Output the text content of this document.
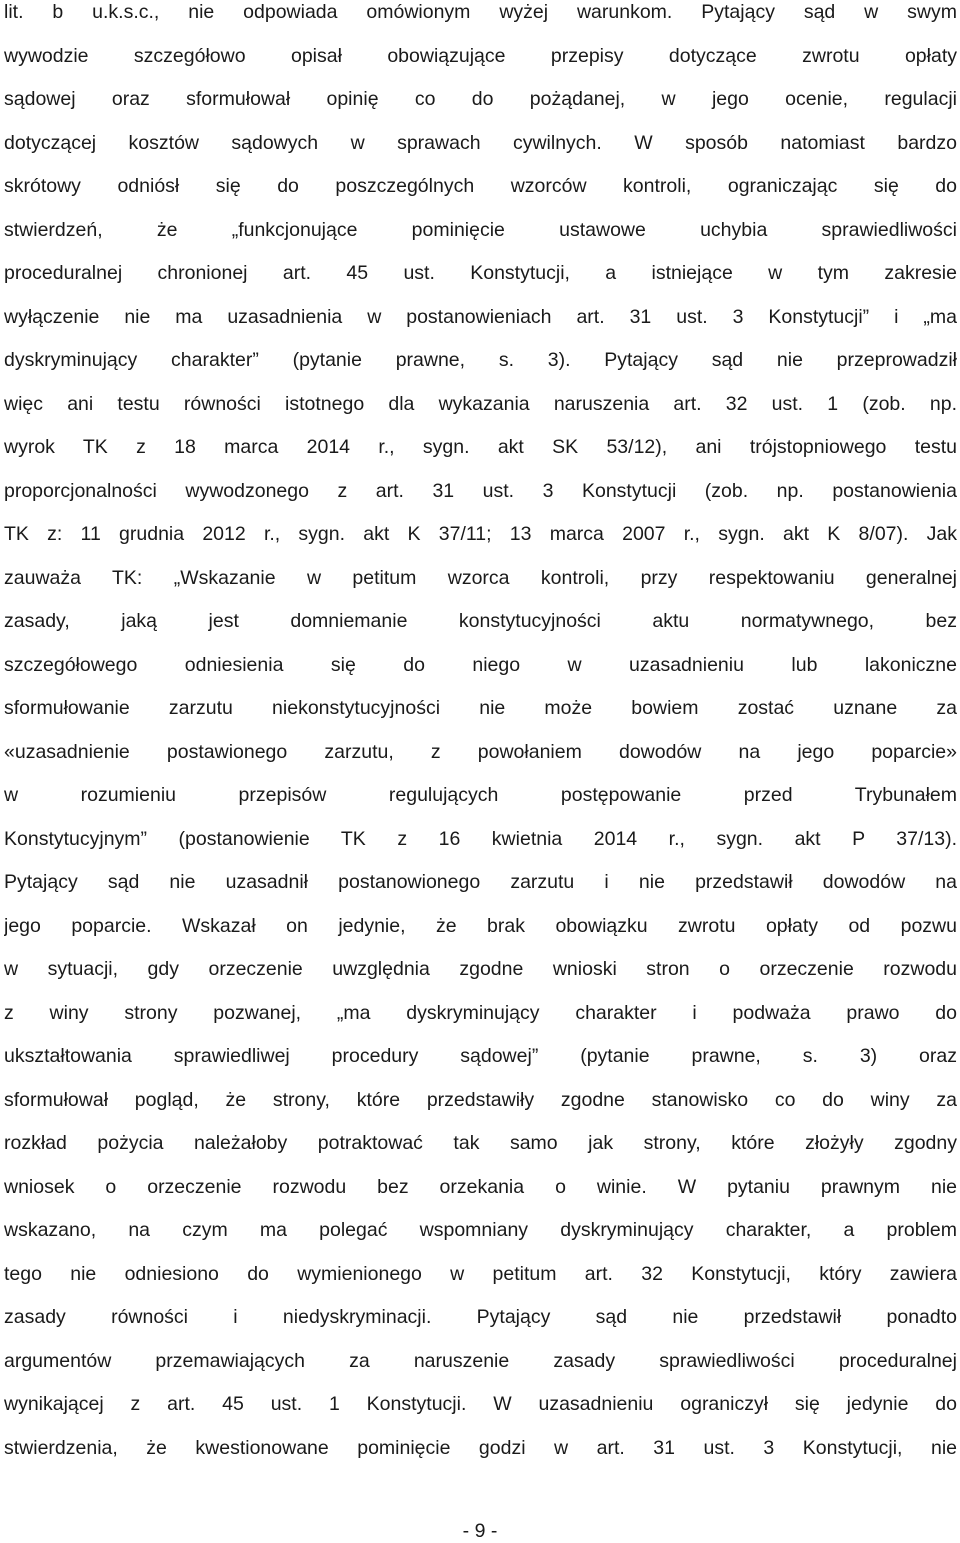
lit. b u.k.s.c., nie odpowiada omówionym wyżej warunkom. Pytający sąd w swym
wywodzie szczegółowo opisał obowiązujące przepisy dotyczące zwrotu opłaty
sądowej oraz sformułował opinię co do pożądanej, w jego ocenie, regulacji
dotyczącej kosztów sądowych w sprawach cywilnych. W sposób natomiast bardzo
skrótowy odniósł się do poszczególnych wzorców kontroli, ograniczając się do
stwierdzeń, że „funkcjonujące pominięcie ustawowe uchybia sprawiedliwości
proceduralnej chronionej art. 45 ust. Konstytucji, a istniejące w tym zakresie
wyłączenie nie ma uzasadnienia w postanowieniach art. 31 ust. 3 Konstytucji” i „ma
dyskryminujący charakter” (pytanie prawne, s. 3). Pytający sąd nie przeprowadził
więc ani testu równości istotnego dla wykazania naruszenia art. 32 ust. 1 (zob. np.
wyrok TK z 18 marca 2014 r., sygn. akt SK 53/12), ani trójstopniowego testu
proporcjonalności wywodzonego z art. 31 ust. 3 Konstytucji (zob. np. postanowienia
TK z: 11 grudnia 2012 r., sygn. akt K 37/11; 13 marca 2007 r., sygn. akt K 8/07). Jak
zauważa TK: „Wskazanie w petitum wzorca kontroli, przy respektowaniu generalnej
zasady, jaką jest domniemanie konstytucyjności aktu normatywnego, bez
szczegółowego odniesienia się do niego w uzasadnieniu lub lakoniczne
sformułowanie zarzutu niekonstytucyjności nie może bowiem zostać uznane za
«uzasadnienie postawionego zarzutu, z powołaniem dowodów na jego poparcie»
w rozumieniu przepisów regulujących postępowanie przed Trybunałem
Konstytucyjnym” (postanowienie TK z 16 kwietnia 2014 r., sygn. akt P 37/13).
Pytający sąd nie uzasadnił postanowionego zarzutu i nie przedstawił dowodów na
jego poparcie. Wskazał on jedynie, że brak obowiązku zwrotu opłaty od pozwu
w sytuacji, gdy orzeczenie uwzględnia zgodne wnioski stron o orzeczenie rozwodu
z winy strony pozwanej, „ma dyskryminujący charakter i podważa prawo do
ukształtowania sprawiedliwej procedury sądowej” (pytanie prawne, s. 3) oraz
sformułował pogląd, że strony, które przedstawiły zgodne stanowisko co do winy za
rozkład pożycia należałoby potraktować tak samo jak strony, które złożyły zgodny
wniosek o orzeczenie rozwodu bez orzekania o winie. W pytaniu prawnym nie
wskazano, na czym ma polegać wspomniany dyskryminujący charakter, a problem
tego nie odniesiono do wymienionego w petitum art. 32 Konstytucji, który zawiera
zasady równości i niedyskryminacji. Pytający sąd nie przedstawił ponadto
argumentów przemawiających za naruszenie zasady sprawiedliwości proceduralnej
wynikającej z art. 45 ust. 1 Konstytucji. W uzasadnieniu ograniczył się jedynie do
stwierdzenia, że kwestionowane pominięcie godzi w art. 31 ust. 3 Konstytucji, nie
- 9 -
